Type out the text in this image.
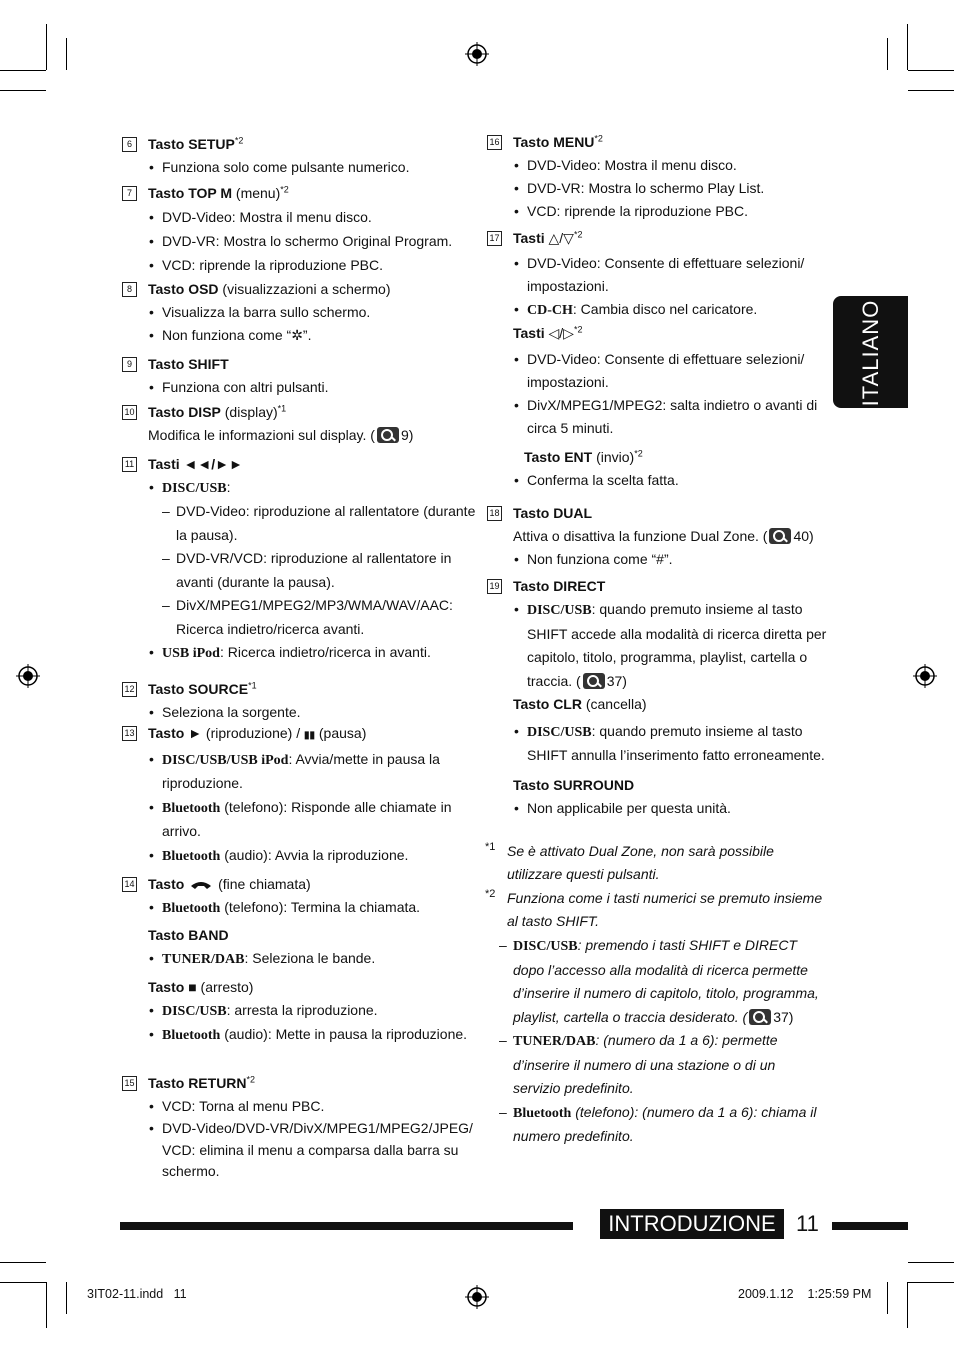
ITALIANO
6	Tasto SETUP$^{*2}$
• Funziona solo come pulsante numerico.
7	Tasto TOP M (menu)$^{*2}$
• DVD-Video: Mostra il menu disco.
• DVD-VR: Mostra lo schermo Original Program.
• VCD: riprende la riproduzione PBC.
8	Tasto OSD (visualizzazioni a schermo)
• Visualizza la barra sullo schermo.
• Non funziona come “✲”.
9	Tasto SHIFT
• Funziona con altri pulsanti.
10 Tasto DISP (display)$^{*1}$
Modifica le informazioni sul display. ( 9)
11 Tasti ◄◄/►►
• DISC/USB:
– DVD-Video: riproduzione al rallentatore (durante la pausa).
– DVD-VR/VCD: riproduzione al rallentatore in avanti (durante la pausa).
– DivX/MPEG1/MPEG2/MP3/WMA/WAV/AAC: Ricerca indietro/ricerca avanti.
• USB iPod: Ricerca indietro/ricerca in avanti.
12 Tasto SOURCE$^{*1}$
• Seleziona la sorgente.
13 Tasto ► (riproduzione) / ▮▮ (pausa)
• DISC/USB/USB iPod: Avvia/mette in pausa la riproduzione.
• Bluetooth (telefono): Risponde alle chiamate in arrivo.
• Bluetooth (audio): Avvia la riproduzione.
14 Tasto  (fine chiamata)
• Bluetooth (telefono): Termina la chiamata.
Tasto BAND
• TUNER/DAB: Seleziona le bande.
Tasto ■ (arresto)
• DISC/USB: arresta la riproduzione.
• Bluetooth (audio): Mette in pausa la riproduzione.
15 Tasto RETURN$^{*2}$
• VCD: Torna al menu PBC.
• DVD-Video/DVD-VR/DivX/MPEG1/MPEG2/JPEG/ VCD: elimina il menu a comparsa dalla barra su schermo.
16 Tasto MENU$^{*2}$
• DVD-Video: Mostra il menu disco.
• DVD-VR: Mostra lo schermo Play List.
• VCD: riprende la riproduzione PBC.
17 Tasti △/▽$^{*2}$
• DVD-Video: Consente di effettuare selezioni/ impostazioni.
• CD-CH: Cambia disco nel caricatore.
Tasti ◁/▷$^{*2}$
• DVD-Video: Consente di effettuare selezioni/ impostazioni.
• DivX/MPEG1/MPEG2: salta indietro o avanti di circa 5 minuti.
Tasto ENT (invio)$^{*2}$
• Conferma la scelta fatta.
18 Tasto DUAL
Attiva o disattiva la funzione Dual Zone. ( 40)
• Non funziona come “#”.
19 Tasto DIRECT
• DISC/USB: quando premuto insieme al tasto SHIFT accede alla modalità di ricerca diretta per capitolo, titolo, programma, playlist, cartella o traccia. ( 37)
Tasto CLR (cancella)
• DISC/USB: quando premuto insieme al tasto SHIFT annulla l’inserimento fatto erroneamente.
Tasto SURROUND
• Non applicabile per questa unità.
*1 Se è attivato Dual Zone, non sarà possibile utilizzare questi pulsanti.
*2 Funziona come i tasti numerici se premuto insieme al tasto SHIFT.
– DISC/USB: premendo i tasti SHIFT e DIRECT dopo l’accesso alla modalità di ricerca permette d’inserire il numero di capitolo, titolo, programma, playlist, cartella o traccia desiderato. ( 37)
– TUNER/DAB: (numero da 1 a 6): permette d’inserire il numero di una stazione o di un servizio predefinito.
– Bluetooth (telefono): (numero da 1 a 6): chiama il numero predefinito.
INTRODUZIONE 11
3IT02-11.indd   11	2009.1.12    1:25:59 PM
